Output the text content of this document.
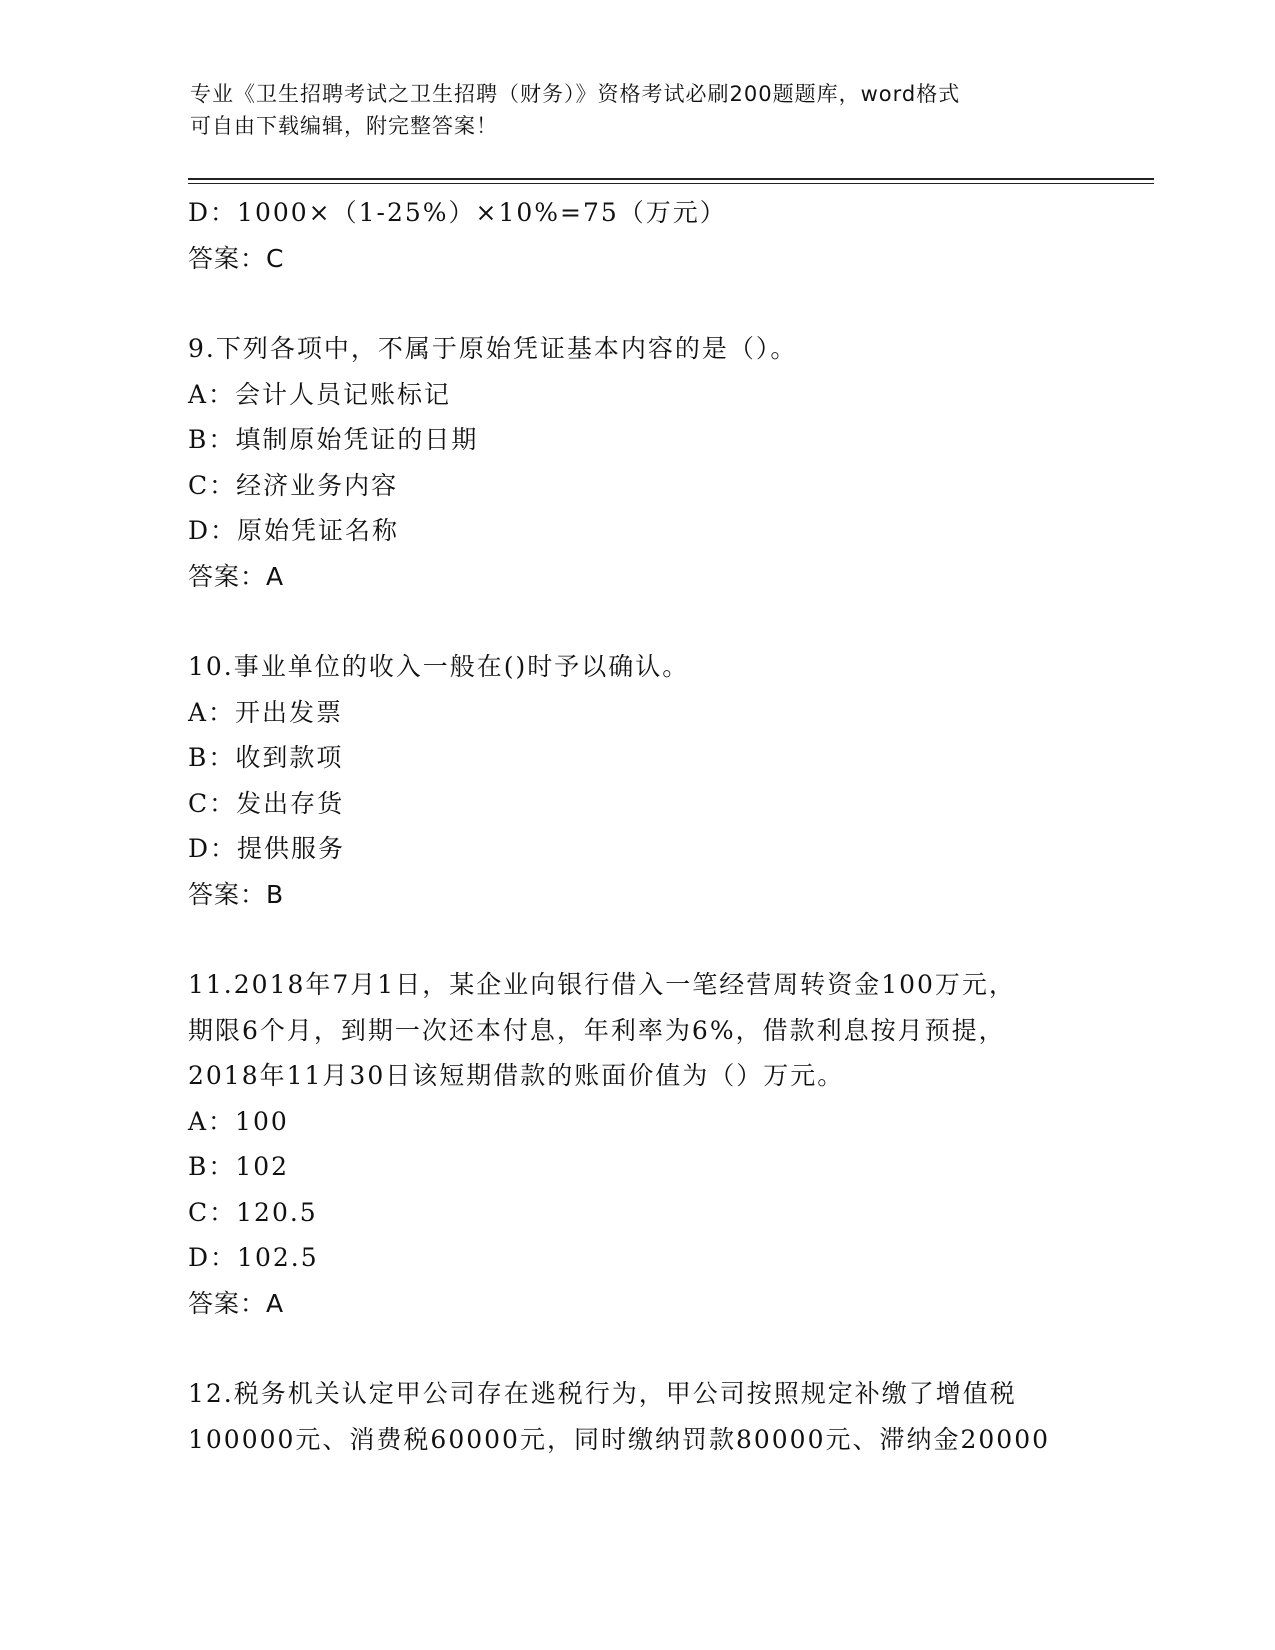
专业《卫生招聘考试之卫生招聘（财务）》资格考试必刷200题题库，word格式
可自由下载编辑，附完整答案！
D：1000×（1-25%）×10%=75（万元）
答案：C
9.下列各项中，不属于原始凭证基本内容的是（）。
A：会计人员记账标记
B：填制原始凭证的日期
C：经济业务内容
D：原始凭证名称
答案：A
10.事业单位的收入一般在()时予以确认。
A：开出发票
B：收到款项
C：发出存货
D：提供服务
答案：B
11.2018年7月1日，某企业向银行借入一笔经营周转资金100万元，
期限6个月，到期一次还本付息，年利率为6%，借款利息按月预提，
2018年11月30日该短期借款的账面价值为（）万元。
A：100
B：102
C：120.5
D：102.5
答案：A
12.税务机关认定甲公司存在逃税行为，甲公司按照规定补缴了增值税
100000元、消费税60000元，同时缴纳罚款80000元、滞纳金20000
